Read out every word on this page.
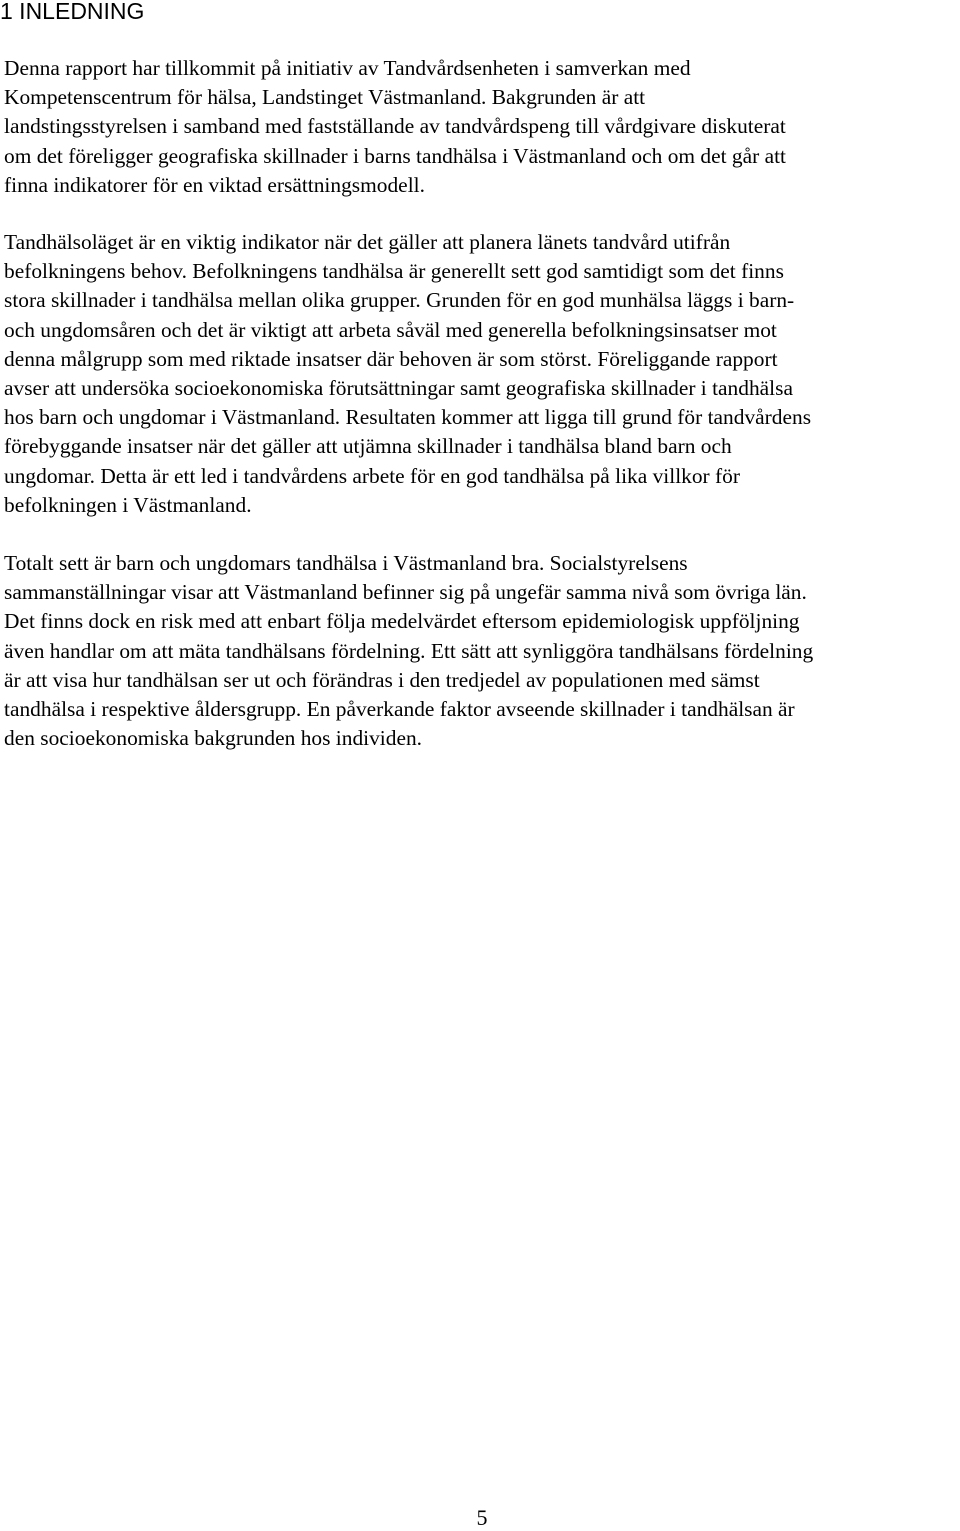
1 INLEDNING
Denna rapport har tillkommit på initiativ av Tandvårdsenheten i samverkan med
Kompetenscentrum för hälsa, Landstinget Västmanland. Bakgrunden är att
landstingsstyrelsen i samband med fastställande av tandvårdspeng till vårdgivare diskuterat
om det föreligger geografiska skillnader i barns tandhälsa i Västmanland och om det går att
finna indikatorer för en viktad ersättningsmodell.
Tandhälsoläget är en viktig indikator när det gäller att planera länets tandvård utifrån
befolkningens behov. Befolkningens tandhälsa är generellt sett god samtidigt som det finns
stora skillnader i tandhälsa mellan olika grupper. Grunden för en god munhälsa läggs i barn-
och ungdomsåren och det är viktigt att arbeta såväl med generella befolkningsinsatser mot
denna målgrupp som med riktade insatser där behoven är som störst. Föreliggande rapport
avser att undersöka socioekonomiska förutsättningar samt geografiska skillnader i tandhälsa
hos barn och ungdomar i Västmanland. Resultaten kommer att ligga till grund för tandvårdens
förebyggande insatser när det gäller att utjämna skillnader i tandhälsa bland barn och
ungdomar. Detta är ett led i tandvårdens arbete för en god tandhälsa på lika villkor för
befolkningen i Västmanland.
Totalt sett är barn och ungdomars tandhälsa i Västmanland bra. Socialstyrelsens
sammanställningar visar att Västmanland befinner sig på ungefär samma nivå som övriga län.
Det finns dock en risk med att enbart följa medelvärdet eftersom epidemiologisk uppföljning
även handlar om att mäta tandhälsans fördelning. Ett sätt att synliggöra tandhälsans fördelning
är att visa hur tandhälsan ser ut och förändras i den tredjedel av populationen med sämst
tandhälsa i respektive åldersgrupp. En påverkande faktor avseende skillnader i tandhälsan är
den socioekonomiska bakgrunden hos individen.
5
